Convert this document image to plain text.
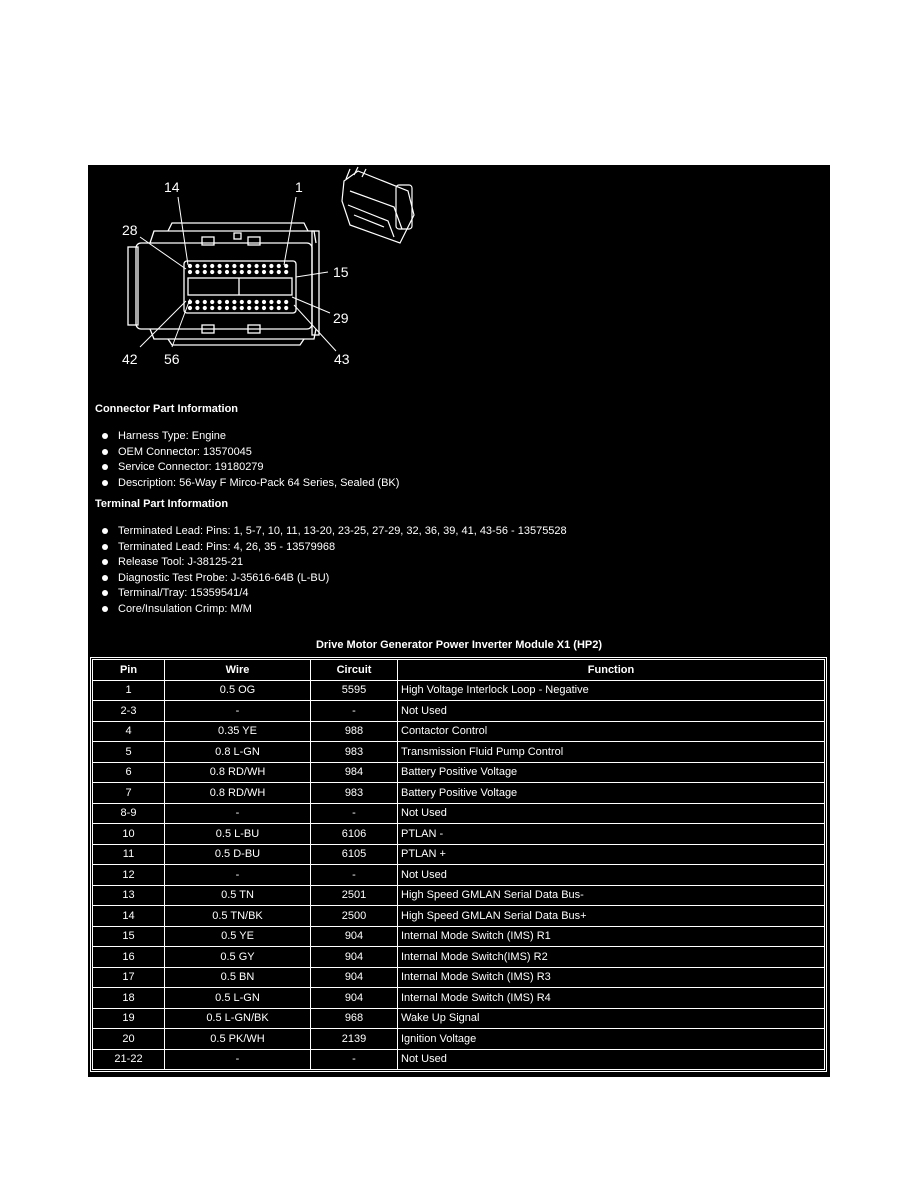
14	1
28
15
29
42 56	43
Connector Part Information
Harness Type: Engine
OEM Connector: 13570045
Service Connector: 19180279
Description: 56-Way F Mirco-Pack 64 Series, Sealed (BK)
Terminal Part Information
Terminated Lead: Pins: 1, 5-7, 10, 11, 13-20, 23-25, 27-29, 32, 36, 39, 41, 43-56 - 13575528
Terminated Lead: Pins: 4, 26, 35 - 13579968
Release Tool: J-38125-21
Diagnostic Test Probe: J-35616-64B (L-BU)
Terminal/Tray: 15359541/4
Core/Insulation Crimp: M/M
Drive Motor Generator Power Inverter Module X1 (HP2)
Pin	Wire	Circuit	Function
1	0.5 OG	5595	High Voltage Interlock Loop - Negative
2-3	-	-	Not Used
4	0.35 YE	988	Contactor Control
5	0.8 L-GN	983	Transmission Fluid Pump Control
6	0.8 RD/WH	984	Battery Positive Voltage
7	0.8 RD/WH	983	Battery Positive Voltage
8-9	-	-	Not Used
10	0.5 L-BU	6106	PTLAN -
11	0.5 D-BU	6105	PTLAN +
12	-	-	Not Used
13	0.5 TN	2501	High Speed GMLAN Serial Data Bus-
14	0.5 TN/BK	2500	High Speed GMLAN Serial Data Bus+
15	0.5 YE	904	Internal Mode Switch (IMS) R1
16	0.5 GY	904	Internal Mode Switch(IMS) R2
17	0.5 BN	904	Internal Mode Switch (IMS) R3
18	0.5 L-GN	904	Internal Mode Switch (IMS) R4
19	0.5 L-GN/BK	968	Wake Up Signal
20	0.5 PK/WH	2139	Ignition Voltage
21-22	-	-	Not Used
